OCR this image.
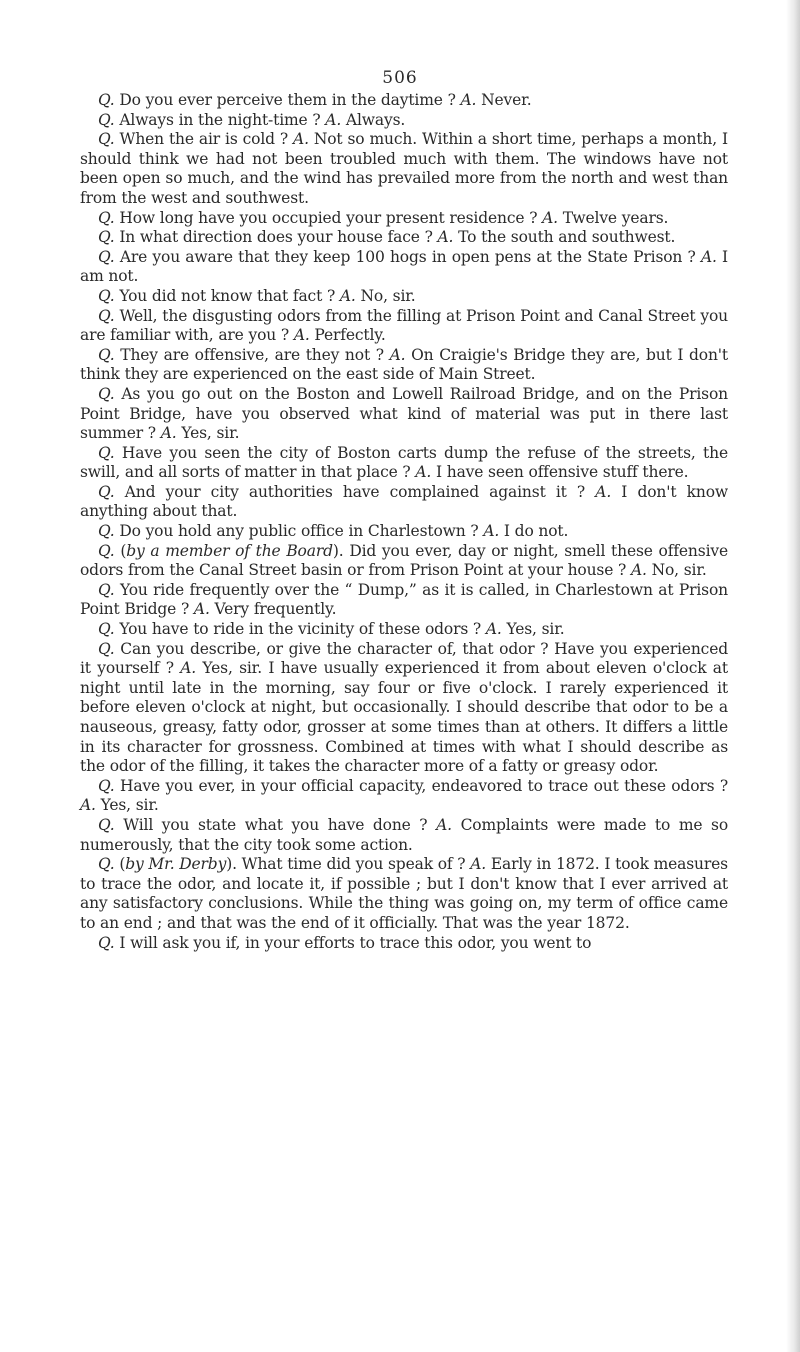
506

Q. Do you ever perceive them in the daytime ? A. Never.

Q. Always in the night-time ? A. Always.

Q. When the air is cold ? A. Not so much. Within a short time, perhaps a month, I should think we had not been troubled much with them. The windows have not been open so much, and the wind has prevailed more from the north and west than from the west and southwest.

Q. How long have you occupied your present residence ? A. Twelve years.

Q. In what direction does your house face ? A. To the south and southwest.

Q. Are you aware that they keep 100 hogs in open pens at the State Prison ? A. I am not.

Q. You did not know that fact ? A. No, sir.

Q. Well, the disgusting odors from the filling at Prison Point and Canal Street you are familiar with, are you ? A. Perfectly.

Q. They are offensive, are they not ? A. On Craigie's Bridge they are, but I don't think they are experienced on the east side of Main Street.

Q. As you go out on the Boston and Lowell Railroad Bridge, and on the Prison Point Bridge, have you observed what kind of material was put in there last summer ? A. Yes, sir.

Q. Have you seen the city of Boston carts dump the refuse of the streets, the swill, and all sorts of matter in that place ? A. I have seen offensive stuff there.

Q. And your city authorities have complained against it ? A. I don't know anything about that.

Q. Do you hold any public office in Charlestown ? A. I do not.

Q. (by a member of the Board). Did you ever, day or night, smell these offensive odors from the Canal Street basin or from Prison Point at your house ? A. No, sir.

Q. You ride frequently over the “ Dump,” as it is called, in Charlestown at Prison Point Bridge ? A. Very frequently.

Q. You have to ride in the vicinity of these odors ? A. Yes, sir.

Q. Can you describe, or give the character of, that odor ? Have you experienced it yourself ? A. Yes, sir. I have usually experienced it from about eleven o'clock at night until late in the morning, say four or five o'clock. I rarely experienced it before eleven o'clock at night, but occasionally. I should describe that odor to be a nauseous, greasy, fatty odor, grosser at some times than at others. It differs a little in its character for grossness. Combined at times with what I should describe as the odor of the filling, it takes the character more of a fatty or greasy odor.

Q. Have you ever, in your official capacity, endeavored to trace out these odors ? A. Yes, sir.

Q. Will you state what you have done ? A. Complaints were made to me so numerously, that the city took some action.

Q. (by Mr. Derby). What time did you speak of ? A. Early in 1872. I took measures to trace the odor, and locate it, if possible ; but I don't know that I ever arrived at any satisfactory conclusions. While the thing was going on, my term of office came to an end ; and that was the end of it officially. That was the year 1872.

Q. I will ask you if, in your efforts to trace this odor, you went to
